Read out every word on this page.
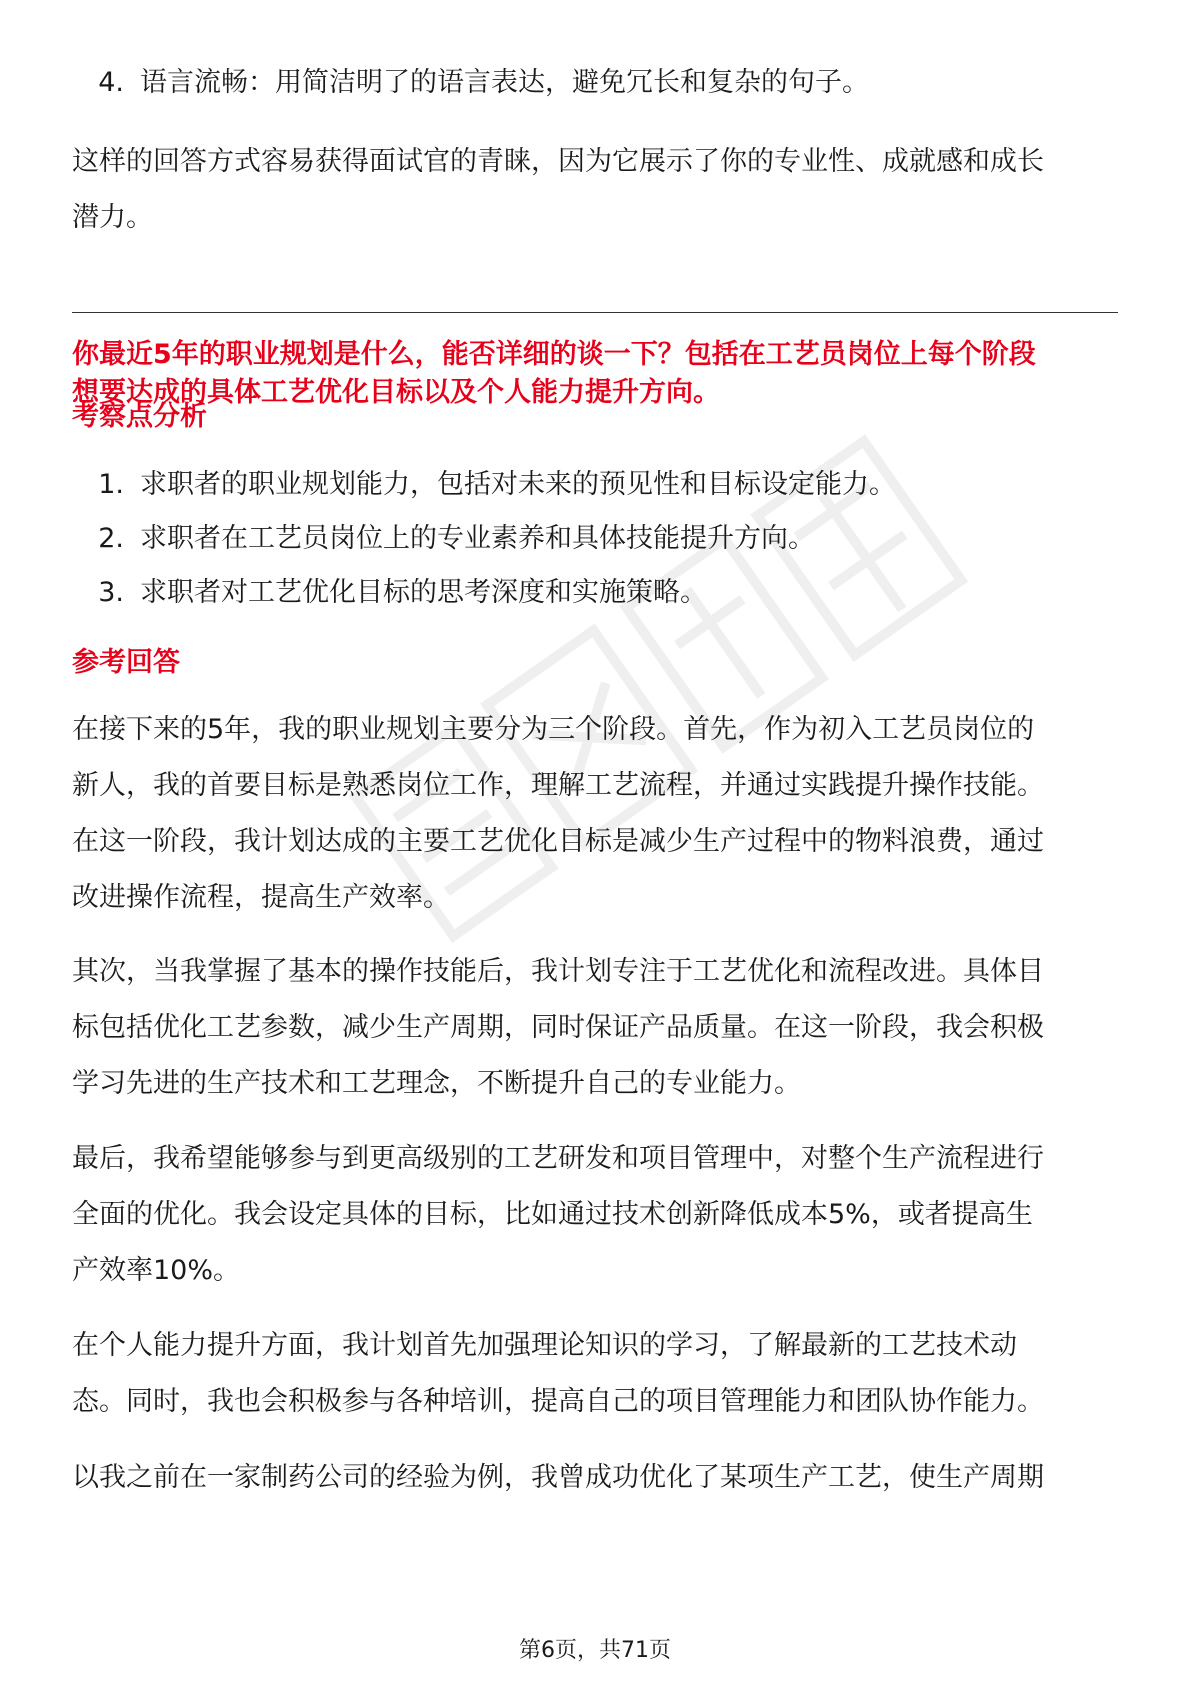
4. 语言流畅：用简洁明了的语言表达，避免冗长和复杂的句子。
这样的回答方式容易获得面试官的青睐，因为它展示了你的专业性、成就感和成长
潜力。
你最近5年的职业规划是什么，能否详细的谈一下？包括在工艺员岗位上每个阶段
想要达成的具体工艺优化目标以及个人能力提升方向。
考察点分析
1. 求职者的职业规划能力，包括对未来的预见性和目标设定能力。
2. 求职者在工艺员岗位上的专业素养和具体技能提升方向。
3. 求职者对工艺优化目标的思考深度和实施策略。
参考回答
在接下来的5年，我的职业规划主要分为三个阶段。首先，作为初入工艺员岗位的
新人，我的首要目标是熟悉岗位工作，理解工艺流程，并通过实践提升操作技能。
在这一阶段，我计划达成的主要工艺优化目标是减少生产过程中的物料浪费，通过
改进操作流程，提高生产效率。
其次，当我掌握了基本的操作技能后，我计划专注于工艺优化和流程改进。具体目
标包括优化工艺参数，减少生产周期，同时保证产品质量。在这一阶段，我会积极
学习先进的生产技术和工艺理念，不断提升自己的专业能力。
最后，我希望能够参与到更高级别的工艺研发和项目管理中，对整个生产流程进行
全面的优化。我会设定具体的目标，比如通过技术创新降低成本5%，或者提高生
产效率10%。
在个人能力提升方面，我计划首先加强理论知识的学习，了解最新的工艺技术动
态。同时，我也会积极参与各种培训，提高自己的项目管理能力和团队协作能力。
以我之前在一家制药公司的经验为例，我曾成功优化了某项生产工艺，使生产周期
第6页，共71页
